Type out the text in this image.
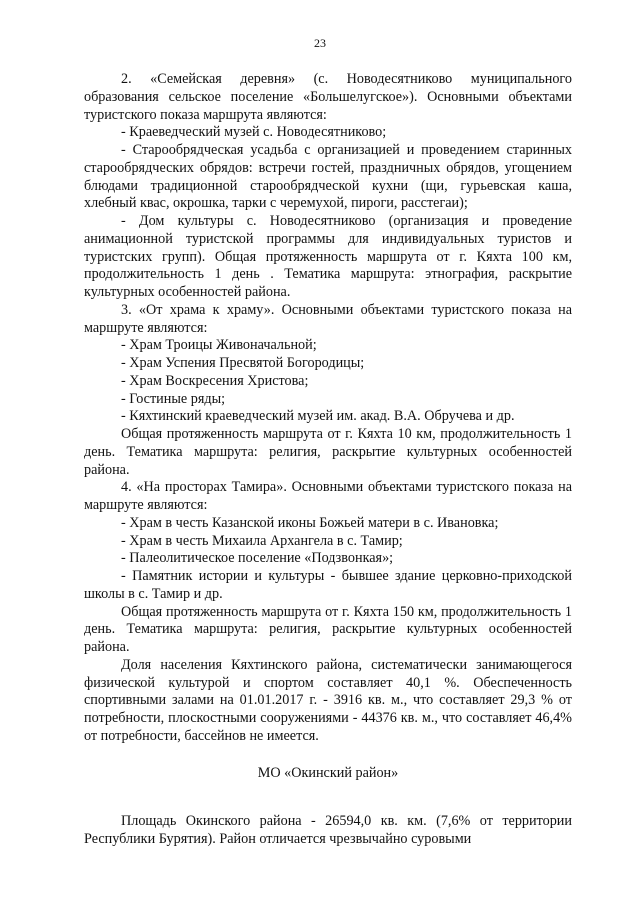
23

2. «Семейская деревня» (с. Новодесятниково муниципального образования сельское поселение «Большелугское»). Основными объектами туристского показа маршрута являются:

- Краеведческий музей с. Новодесятниково;

- Старообрядческая усадьба с организацией и проведением старинных старообрядческих обрядов: встречи гостей, праздничных обрядов, угощением блюдами традиционной старообрядческой кухни (щи, гурьевская каша, хлебный квас, окрошка, тарки с черемухой, пироги, расстегаи);

- Дом культуры с. Новодесятниково (организация и проведение анимационной туристской программы для индивидуальных туристов и туристских групп). Общая протяженность маршрута от г. Кяхта 100 км, продолжительность 1 день . Тематика маршрута: этнография, раскрытие культурных особенностей района.

3. «От храма к храму». Основными объектами туристского показа на маршруте являются:

- Храм Троицы Живоначальной;

- Храм Успения Пресвятой Богородицы;

- Храм Воскресения Христова;

- Гостиные ряды;

- Кяхтинский краеведческий музей им. акад. В.А. Обручева и др.

Общая протяженность маршрута от г. Кяхта 10 км, продолжительность 1 день. Тематика маршрута: религия, раскрытие культурных особенностей района.

4. «На просторах Тамира». Основными объектами туристского показа на маршруте являются:

- Храм в честь Казанской иконы Божьей матери в с. Ивановка;

- Храм в честь Михаила Архангела в с. Тамир;

- Палеолитическое поселение «Подзвонкая»;

- Памятник истории и культуры - бывшее здание церковно-приходской школы в с. Тамир и др.

Общая протяженность маршрута от г. Кяхта 150 км, продолжительность 1 день. Тематика маршрута: религия, раскрытие культурных особенностей района.

Доля населения Кяхтинского района, систематически занимающегося физической культурой и спортом составляет 40,1 %. Обеспеченность спортивными залами на 01.01.2017 г. - 3916 кв. м., что составляет 29,3 % от потребности, плоскостными сооружениями - 44376 кв. м., что составляет 46,4% от потребности, бассейнов не имеется.

МО «Окинский район»

Площадь Окинского района - 26594,0 кв. км. (7,6% от территории Республики Бурятия). Район отличается чрезвычайно суровыми
